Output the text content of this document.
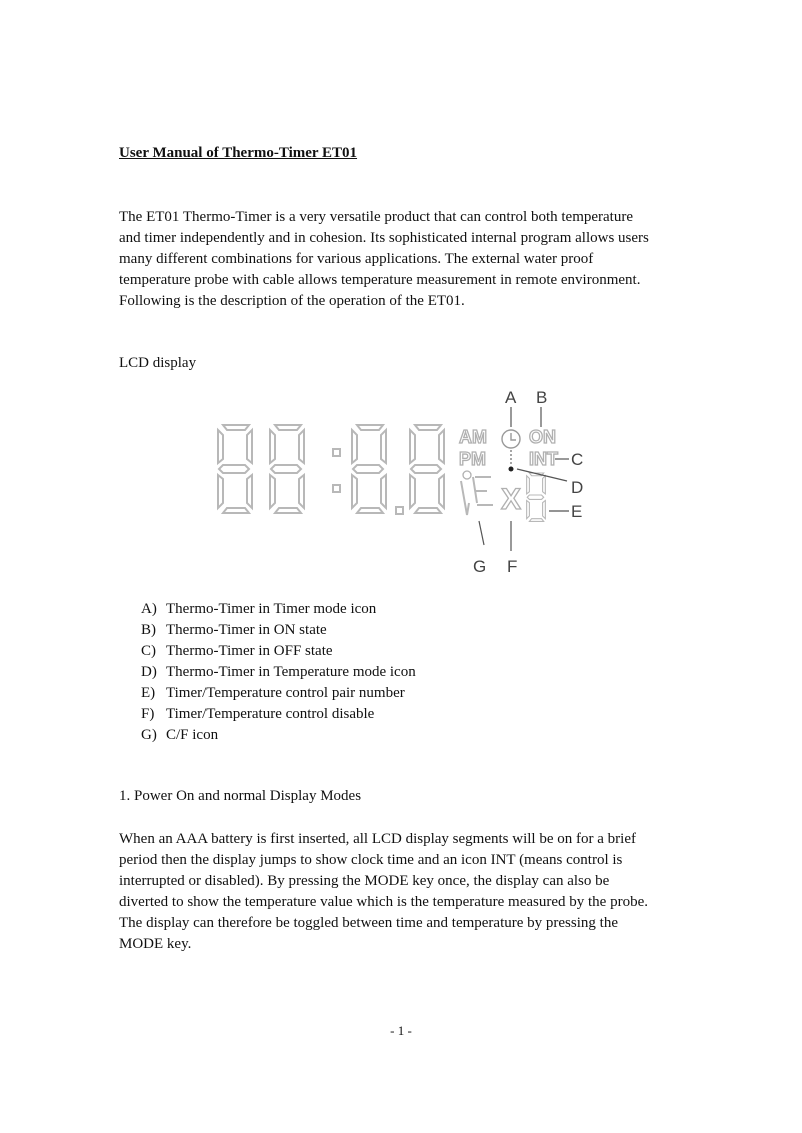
User Manual of Thermo-Timer ET01

The ET01 Thermo-Timer is a very versatile product that can control both temperature
and timer independently and in cohesion. Its sophisticated internal program allows users
many different combinations for various applications. The external water proof
temperature probe with cable allows temperature measurement in remote environment.
Following is the description of the operation of the ET01.

LCD display
AM
PM
ON
INT
X
A B
C
D
E
F
G
A) Thermo-Timer in Timer mode icon
B) Thermo-Timer in ON state
C) Thermo-Timer in OFF state
D) Thermo-Timer in Temperature mode icon
E) Timer/Temperature control pair number
F) Timer/Temperature control disable
G) C/F icon
1. Power On and normal Display Modes

When an AAA battery is first inserted, all LCD display segments will be on for a brief
period then the display jumps to show clock time and an icon INT (means control is
interrupted or disabled). By pressing the MODE key once, the display can also be
diverted to show the temperature value which is the temperature measured by the probe.
The display can therefore be toggled between time and temperature by pressing the
MODE key.

- 1 -
